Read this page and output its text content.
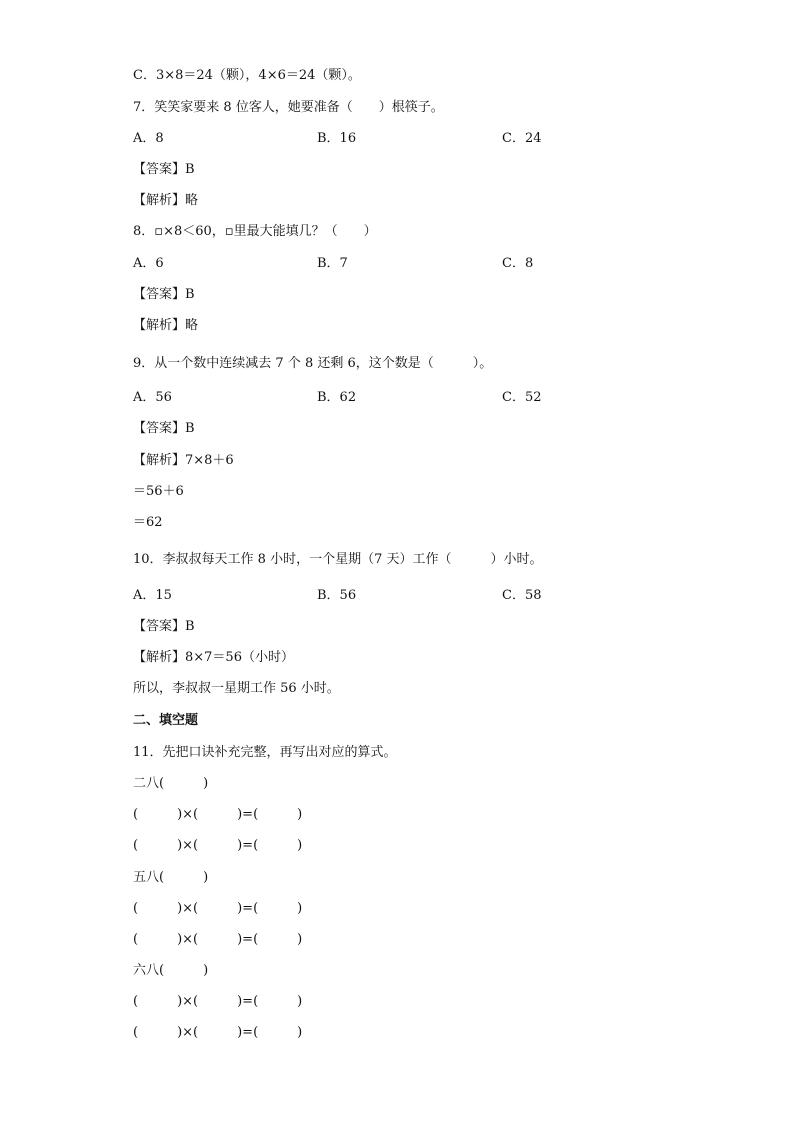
C．3×8＝24（颗），4×6＝24（颗）。
7．笑笑家要来 8 位客人，她要准备（　　）根筷子。
A．8	B．16	C．24
【答案】B
【解析】略
8．▫×8＜60，▫里最大能填几？（　　）
A．6	B．7	C．8
【答案】B
【解析】略
9．从一个数中连续减去 7 个 8 还剩 6，这个数是（　　　）。
A．56	B．62	C．52
【答案】B
【解析】7×8＋6
＝56＋6
＝62
10．李叔叔每天工作 8 小时，一个星期（7 天）工作（　　　）小时。
A．15	B．56	C．58
【答案】B
【解析】8×7＝56（小时）
所以，李叔叔一星期工作 56 小时。
二、填空题
11．先把口诀补充完整，再写出对应的算式。
二八(　　　)
(　　　)×(　　　)=(　　　)
(　　　)×(　　　)=(　　　)
五八(　　　)
(　　　)×(　　　)=(　　　)
(　　　)×(　　　)=(　　　)
六八(　　　)
(　　　)×(　　　)=(　　　)
(　　　)×(　　　)=(　　　)
